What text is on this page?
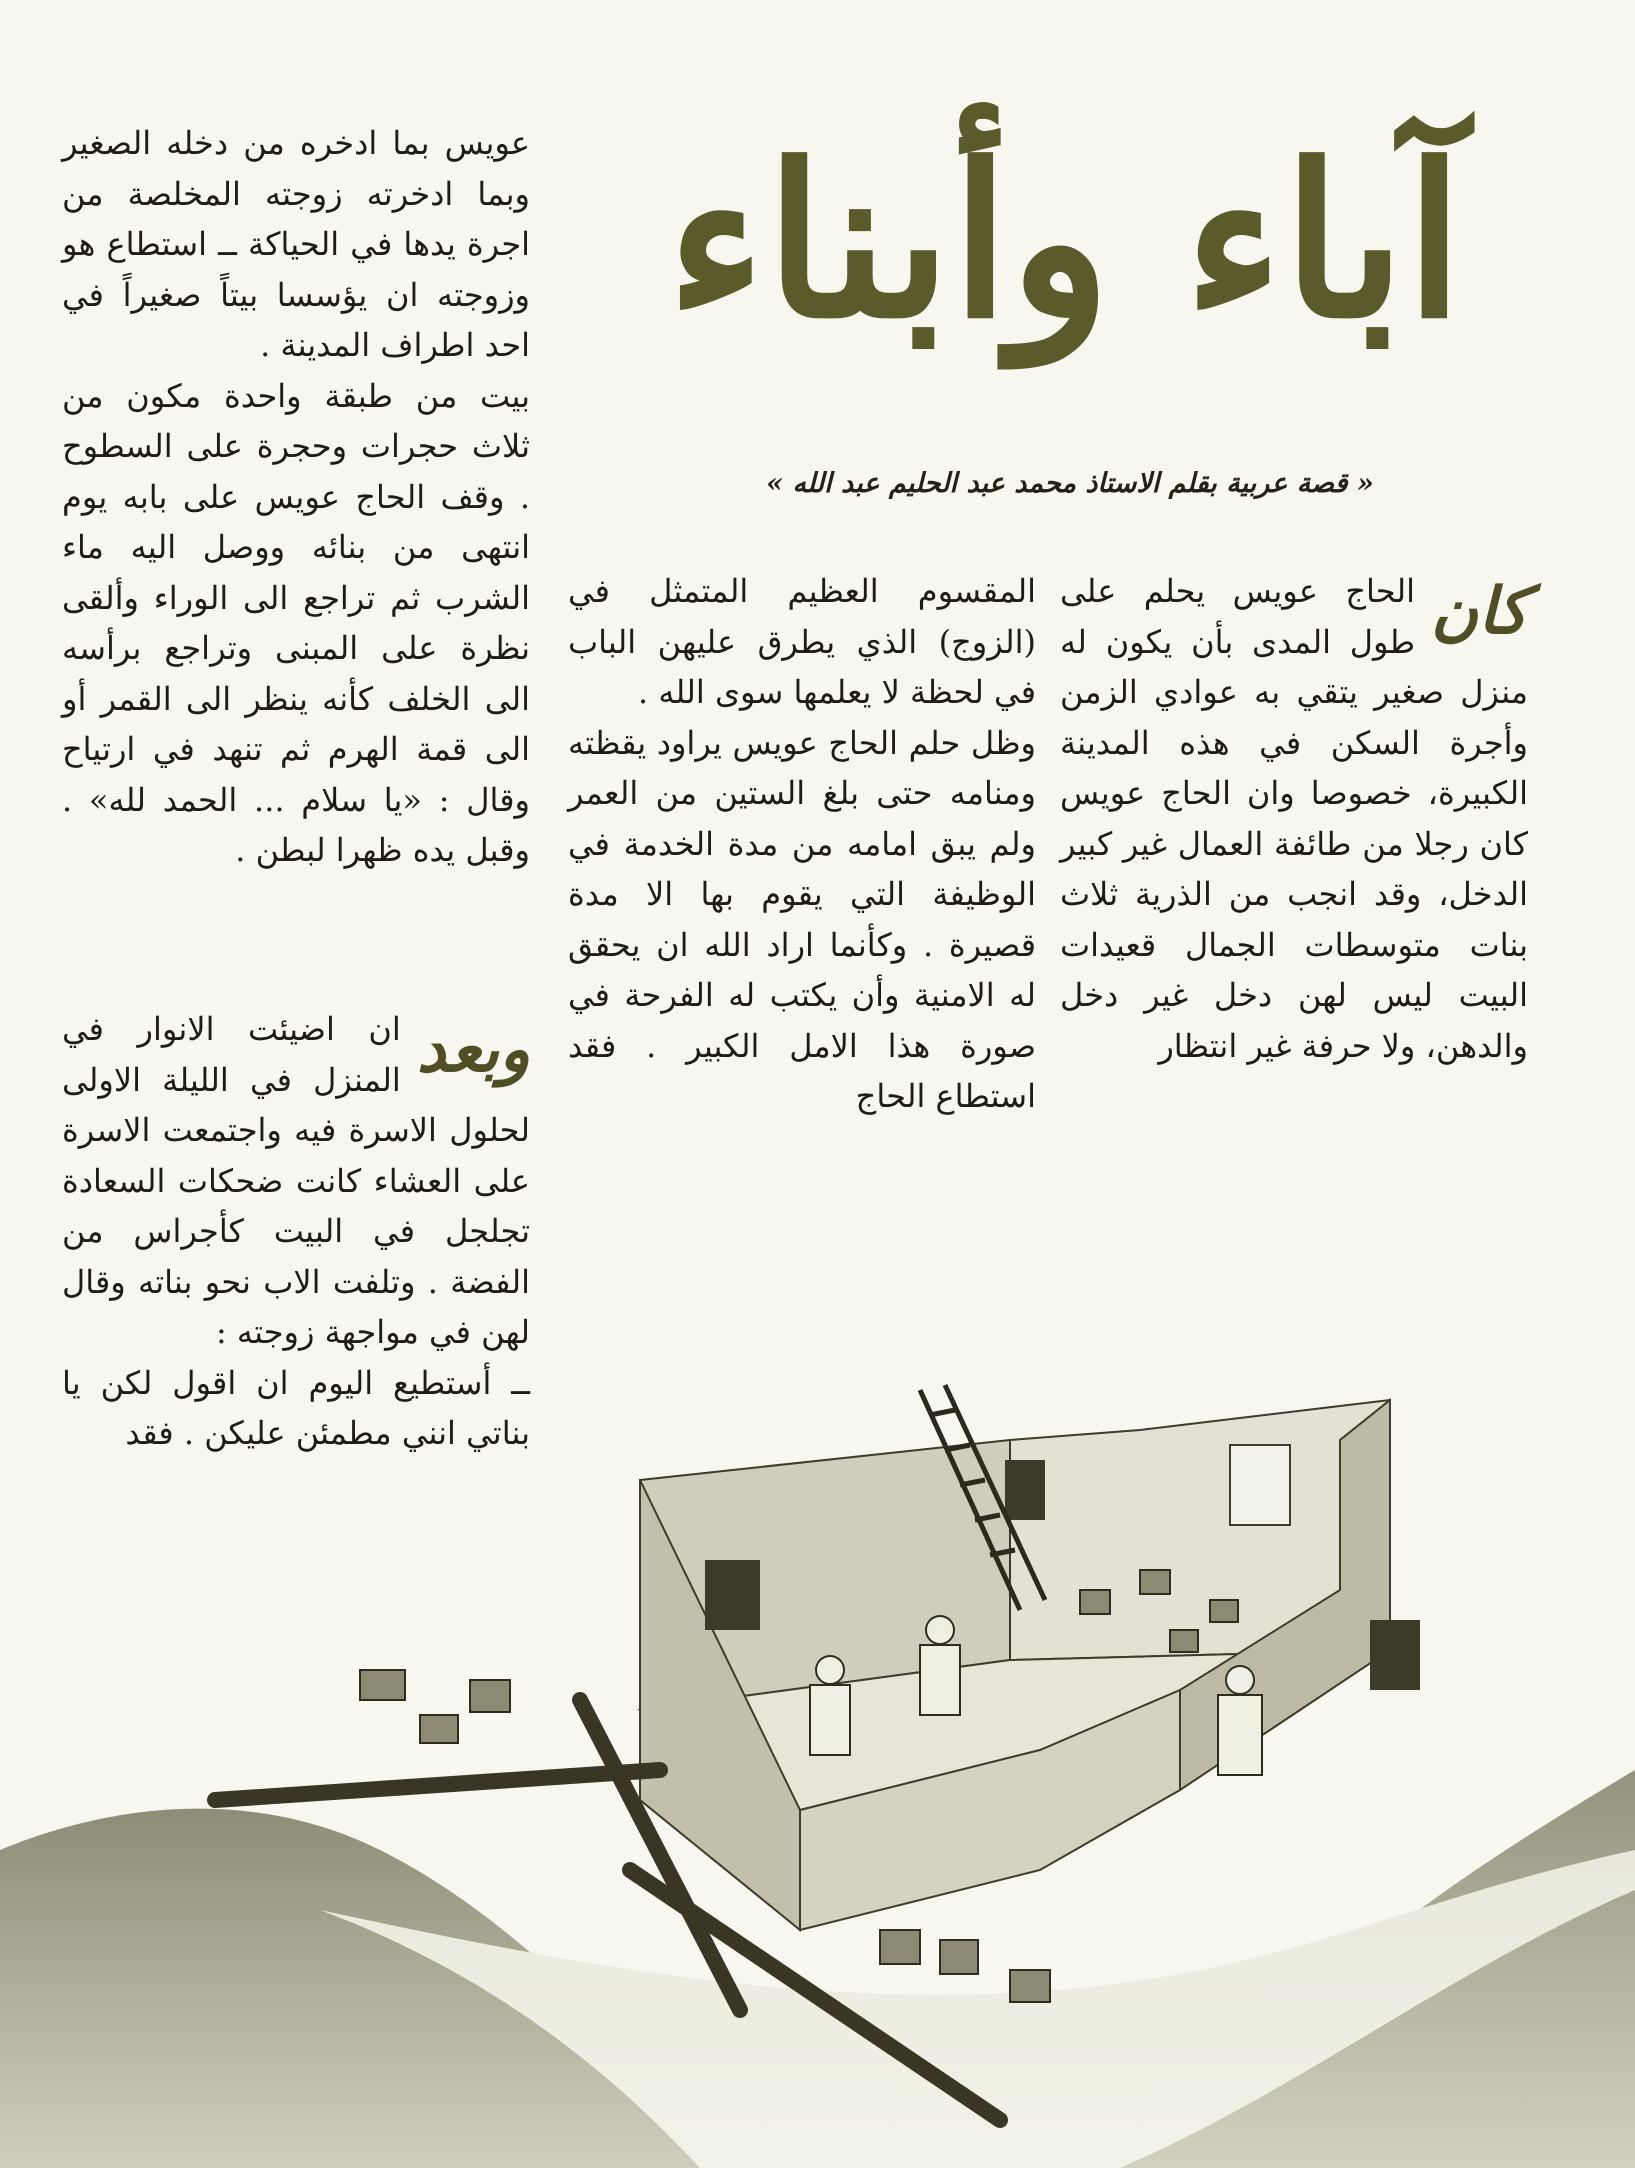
آباء وأبناء
« قصة عربية بقلم الاستاذ محمد عبد الحليم عبد الله »

عويس بما ادخره من دخله الصغير وبما ادخرته زوجته المخلصة من اجرة يدها في الحياكة ــ استطاع هو وزوجته ان يؤسسا بيتاً صغيراً في احد اطراف المدينة .

بيت من طبقة واحدة مكون من ثلاث حجرات وحجرة على السطوح . وقف الحاج عويس على بابه يوم انتهى من بنائه ووصل اليه ماء الشرب ثم تراجع الى الوراء وألقى نظرة على المبنى وتراجع برأسه الى الخلف كأنه ينظر الى القمر أو الى قمة الهرم ثم تنهد في ارتياح وقال : «يا سلام ... الحمد لله» . وقبل يده ظهرا لبطن .

وبعد
ان اضيئت الانوار في المنزل في الليلة الاولى لحلول الاسرة فيه واجتمعت الاسرة على العشاء كانت ضحكات السعادة تجلجل في البيت كأجراس من الفضة . وتلفت الاب نحو بناته وقال لهن في مواجهة زوجته :

ــ أستطيع اليوم ان اقول لكن يا بناتي انني مطمئن عليكن . فقد

المقسوم العظيم المتمثل في (الزوج) الذي يطرق عليهن الباب في لحظة لا يعلمها سوى الله .

وظل حلم الحاج عويس يراود يقظته ومنامه حتى بلغ الستين من العمر ولم يبق امامه من مدة الخدمة في الوظيفة التي يقوم بها الا مدة قصيرة . وكأنما اراد الله ان يحقق له الامنية وأن يكتب له الفرحة في صورة هذا الامل الكبير . فقد استطاع الحاج

كان
الحاج عويس يحلم على طول المدى بأن يكون له منزل صغير يتقي به عوادي الزمن وأجرة السكن في هذه المدينة الكبيرة، خصوصا وان الحاج عويس كان رجلا من طائفة العمال غير كبير الدخل، وقد انجب من الذرية ثلاث بنات متوسطات الجمال قعيدات البيت ليس لهن دخل غير دخل والدهن، ولا حرفة غير انتظار
